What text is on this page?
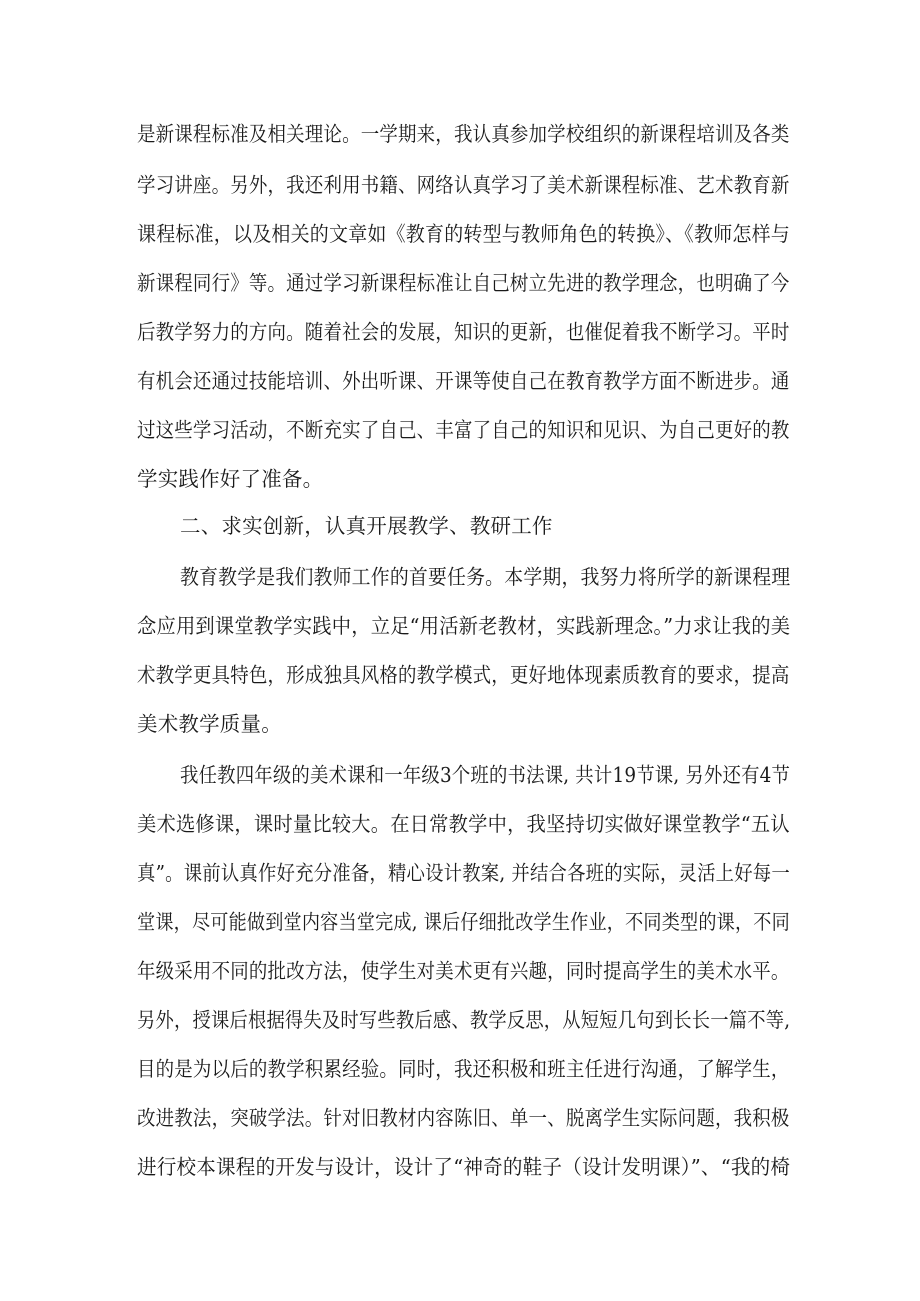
是新课程标准及相关理论。一学期来，我认真参加学校组织的新课程培训及各类
学习讲座。另外，我还利用书籍、网络认真学习了美术新课程标准、艺术教育新
课程标准，以及相关的文章如《教育的转型与教师角色的转换》、《教师怎样与
新课程同行》等。通过学习新课程标准让自己树立先进的教学理念，也明确了今
后教学努力的方向。随着社会的发展，知识的更新，也催促着我不断学习。平时
有机会还通过技能培训、外出听课、开课等使自己在教育教学方面不断进步。通
过这些学习活动，不断充实了自己、丰富了自己的知识和见识、为自己更好的教
学实践作好了准备。
二、求实创新，认真开展教学、教研工作
教育教学是我们教师工作的首要任务。本学期，我努力将所学的新课程理
念应用到课堂教学实践中，立足“用活新老教材，实践新理念。”力求让我的美
术教学更具特色，形成独具风格的教学模式，更好地体现素质教育的要求，提高
美术教学质量。
我任教四年级的美术课和一年级3个班的书法课, 共计19节课, 另外还有4节
美术选修课，课时量比较大。在日常教学中，我坚持切实做好课堂教学“五认
真”。课前认真作好充分准备，精心设计教案, 并结合各班的实际，灵活上好每一
堂课，尽可能做到堂内容当堂完成, 课后仔细批改学生作业，不同类型的课，不同
年级采用不同的批改方法，使学生对美术更有兴趣，同时提高学生的美术水平。
另外，授课后根据得失及时写些教后感、教学反思，从短短几句到长长一篇不等,
目的是为以后的教学积累经验。同时，我还积极和班主任进行沟通，了解学生，
改进教法，突破学法。针对旧教材内容陈旧、单一、脱离学生实际问题，我积极
进行校本课程的开发与设计，设计了“神奇的鞋子（设计发明课）”、“我的椅
